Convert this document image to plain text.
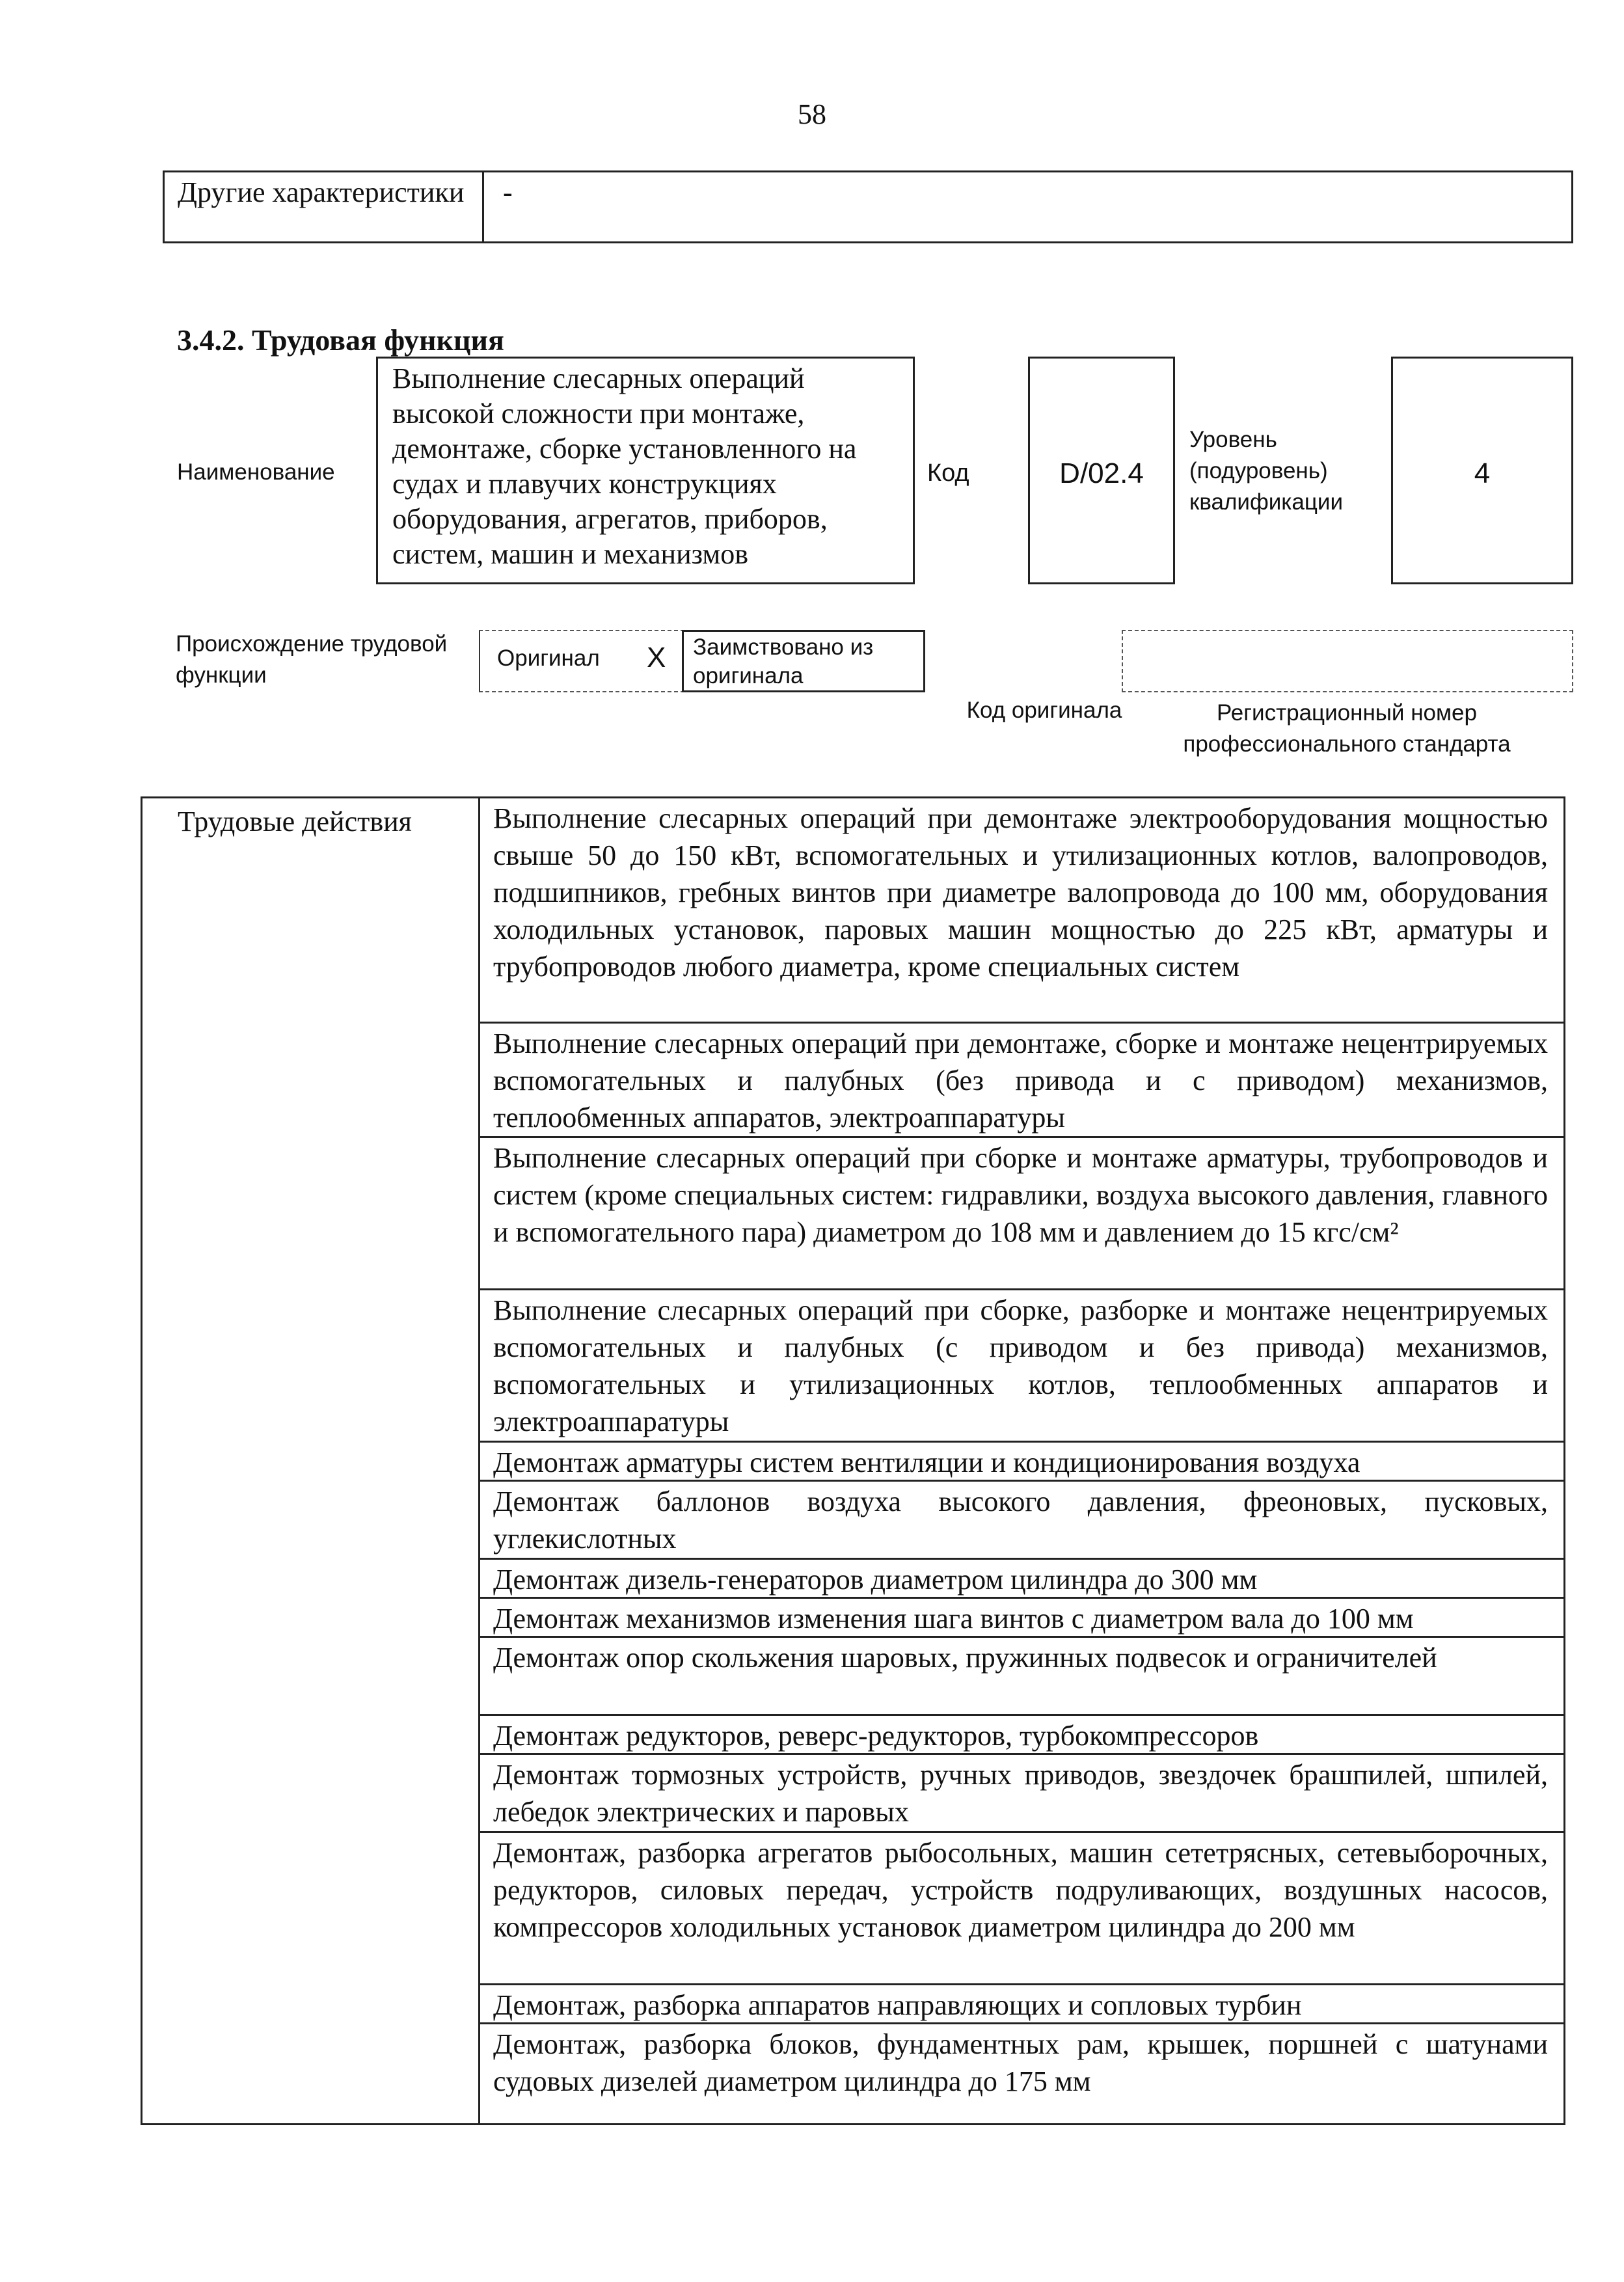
58
Другие характеристики	-
3.4.2. Трудовая функция
Наименование
Выполнение слесарных операций высокой сложности при монтаже, демонтаже, сборке установленного на судах и плавучих конструкциях оборудования, агрегатов, приборов, систем, машин и механизмов
Код	D/02.4
Уровень (подуровень) квалификации
4
Происхождение трудовой функции
Оригинал X Заимствовано из оригинала
Код оригинала	Регистрационный номер профессионального стандарта
Трудовые действия	Выполнение слесарных операций при демонтаже электрооборудования мощностью свыше 50 до 150 кВт, вспомогательных и утилизационных котлов, валопроводов, подшипников, гребных винтов при диаметре валопровода до 100 мм, оборудования холодильных установок, паровых машин мощностью до 225 кВт, арматуры и трубопроводов любого диаметра, кроме специальных систем
Выполнение слесарных операций при демонтаже, сборке и монтаже нецентрируемых вспомогательных и палубных (без привода и с приводом) механизмов, теплообменных аппаратов, электроаппаратуры
Выполнение слесарных операций при сборке и монтаже арматуры, трубопроводов и систем (кроме специальных систем: гидравлики, воздуха высокого давления, главного и вспомогательного пара) диаметром до 108 мм и давлением до 15 кгс/см²
Выполнение слесарных операций при сборке, разборке и монтаже нецентрируемых вспомогательных и палубных (с приводом и без привода) механизмов, вспомогательных и утилизационных котлов, теплообменных аппаратов и электроаппаратуры
Демонтаж арматуры систем вентиляции и кондиционирования воздуха
Демонтаж баллонов воздуха высокого давления, фреоновых, пусковых, углекислотных
Демонтаж дизель-генераторов диаметром цилиндра до 300 мм
Демонтаж механизмов изменения шага винтов с диаметром вала до 100 мм
Демонтаж опор скольжения шаровых, пружинных подвесок и ограничителей
Демонтаж редукторов, реверс-редукторов, турбокомпрессоров
Демонтаж тормозных устройств, ручных приводов, звездочек брашпилей, шпилей, лебедок электрических и паровых
Демонтаж, разборка агрегатов рыбосольных, машин сететрясных, сетевыборочных, редукторов, силовых передач, устройств подруливающих, воздушных насосов, компрессоров холодильных установок диаметром цилиндра до 200 мм
Демонтаж, разборка аппаратов направляющих и сопловых турбин
Демонтаж, разборка блоков, фундаментных рам, крышек, поршней с шатунами судовых дизелей диаметром цилиндра до 175 мм
